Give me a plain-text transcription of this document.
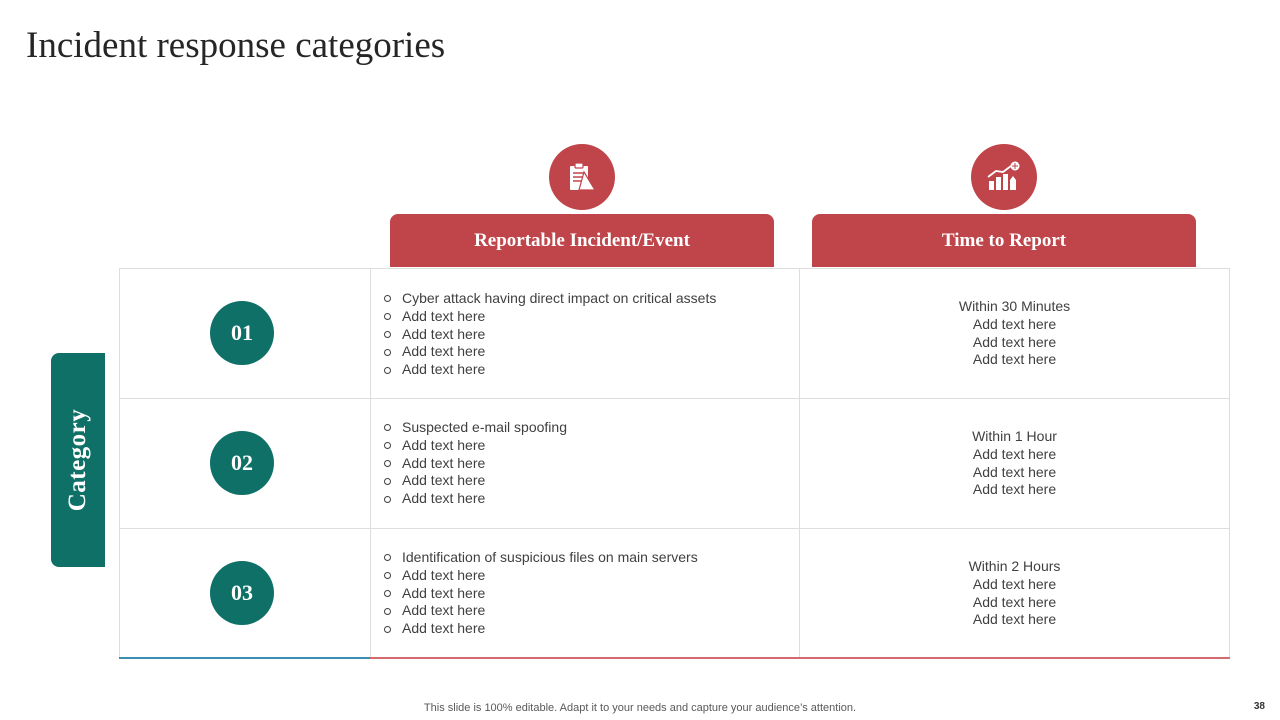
Incident response categories
Reportable Incident/Event	Time to Report
Category
01
Cyber attack having direct impact on critical assets
Add text here
Add text here
Add text here
Add text here
Within 30 Minutes
Add text here
Add text here
Add text here
02
Suspected e-mail spoofing
Add text here
Add text here
Add text here
Add text here
Within 1 Hour
Add text here
Add text here
Add text here
03
Identification of suspicious files on main servers
Add text here
Add text here
Add text here
Add text here
Within 2 Hours
Add text here
Add text here
Add text here
This slide is 100% editable. Adapt it to your needs and capture your audience’s attention.	38
